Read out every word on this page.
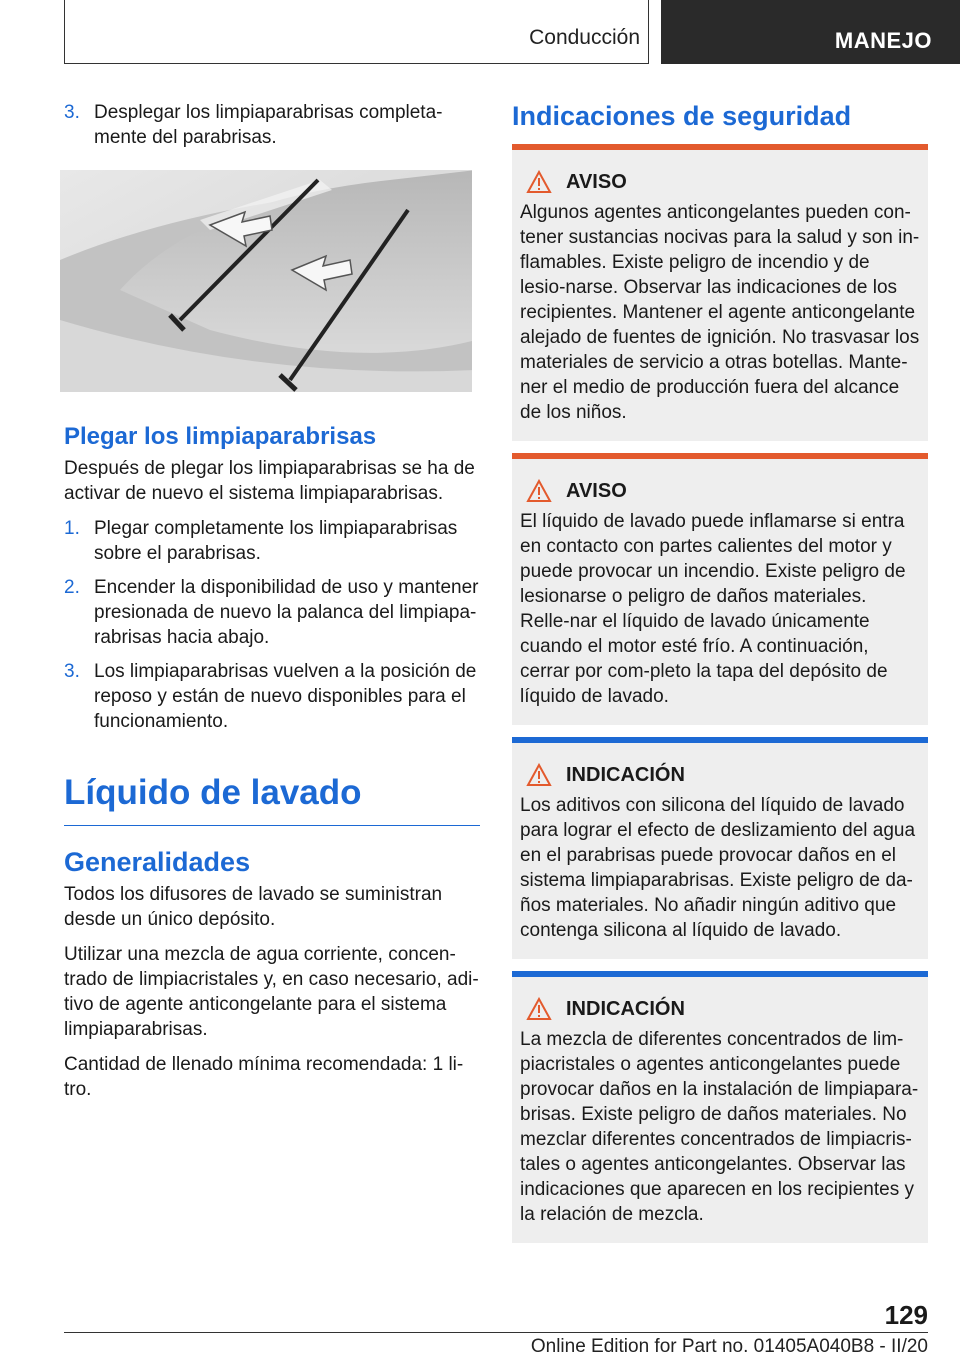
Conducción	MANEJO
3. Desplegar los limpiaparabrisas completa-mente del parabrisas.
Plegar los limpiaparabrisas

Después de plegar los limpiaparabrisas se ha de activar de nuevo el sistema limpiaparabrisas.

1. Plegar completamente los limpiaparabrisas sobre el parabrisas.
2. Encender la disponibilidad de uso y mantener presionada de nuevo la palanca del limpiapa-rabrisas hacia abajo.
3. Los limpiaparabrisas vuelven a la posición de reposo y están de nuevo disponibles para el funcionamiento.
Líquido de lavado
Generalidades

Todos los difusores de lavado se suministran desde un único depósito.

Utilizar una mezcla de agua corriente, concen-trado de limpiacristales y, en caso necesario, adi-tivo de agente anticongelante para el sistema limpiaparabrisas.

Cantidad de llenado mínima recomendada: 1 li-tro.

Indicaciones de seguridad
AVISO
Algunos agentes anticongelantes pueden con-tener sustancias nocivas para la salud y son in-flamables. Existe peligro de incendio y de lesio-narse. Observar las indicaciones de los recipientes. Mantener el agente anticongelante alejado de fuentes de ignición. No trasvasar los materiales de servicio a otras botellas. Mante-ner el medio de producción fuera del alcance de los niños.
AVISO
El líquido de lavado puede inflamarse si entra en contacto con partes calientes del motor y puede provocar un incendio. Existe peligro de lesionarse o peligro de daños materiales. Relle-nar el líquido de lavado únicamente cuando el motor esté frío. A continuación, cerrar por com-pleto la tapa del depósito de líquido de lavado.
INDICACIÓN
Los aditivos con silicona del líquido de lavado para lograr el efecto de deslizamiento del agua en el parabrisas puede provocar daños en el sistema limpiaparabrisas. Existe peligro de da-ños materiales. No añadir ningún aditivo que contenga silicona al líquido de lavado.
INDICACIÓN
La mezcla de diferentes concentrados de lim-piacristales o agentes anticongelantes puede provocar daños en la instalación de limpiapara-brisas. Existe peligro de daños materiales. No mezclar diferentes concentrados de limpiacris-tales o agentes anticongelantes. Observar las indicaciones que aparecen en los recipientes y la relación de mezcla.
129
Online Edition for Part no. 01405A040B8 - II/20
